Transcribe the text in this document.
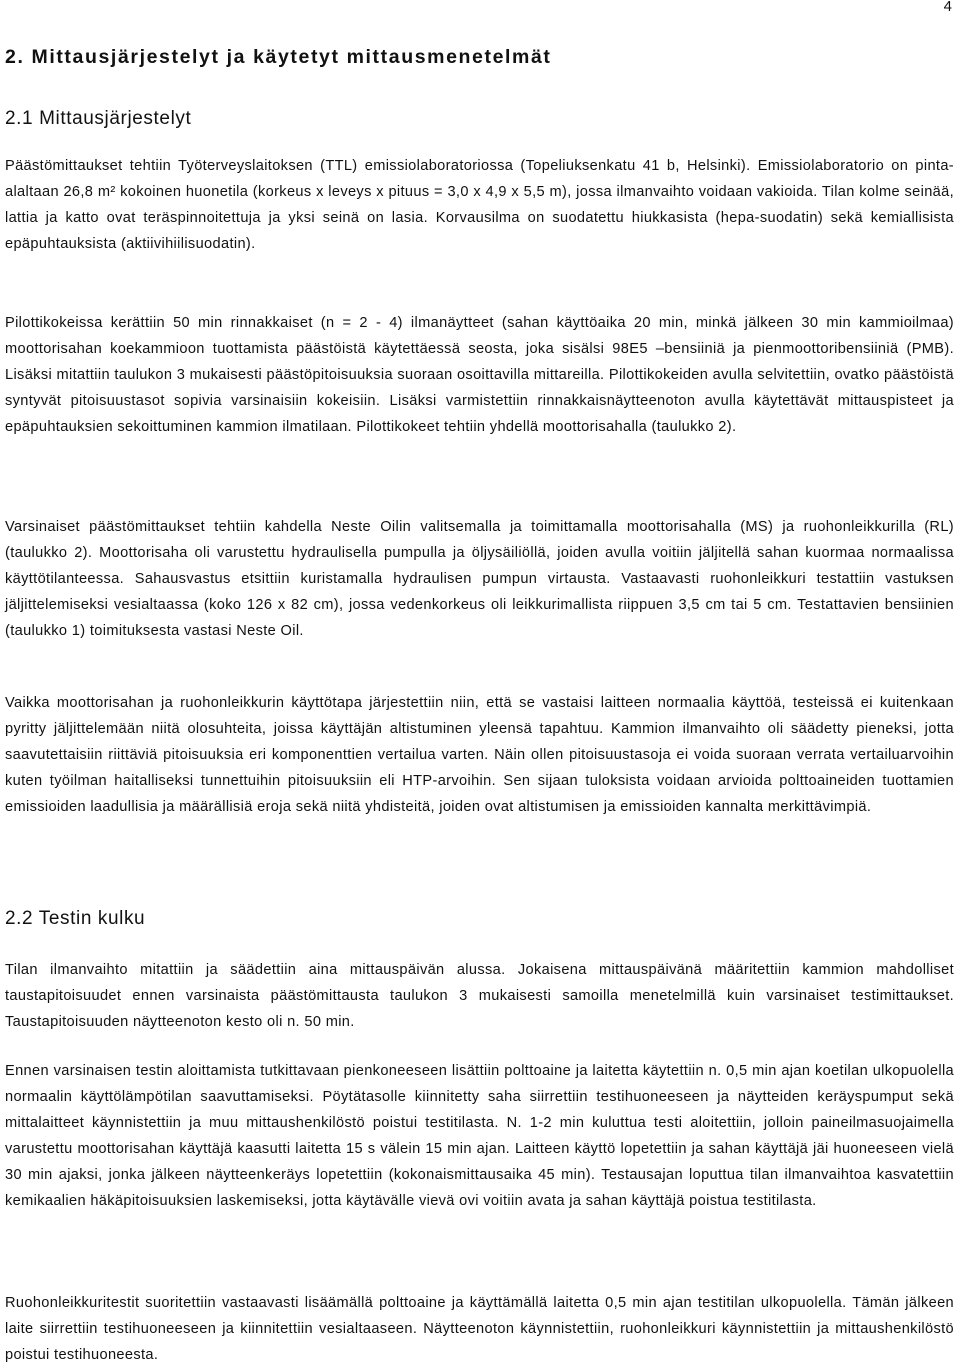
4
2. Mittausjärjestelyt ja käytetyt mittausmenetelmät
2.1 Mittausjärjestelyt

Päästömittaukset tehtiin Työterveyslaitoksen (TTL) emissiolaboratoriossa (Topeliuksenkatu 41 b, Helsinki). Emissiolaboratorio on pinta-alaltaan 26,8 m² kokoinen huonetila (korkeus x leveys x pituus = 3,0 x 4,9 x 5,5 m), jossa ilmanvaihto voidaan vakioida. Tilan kolme seinää, lattia ja katto ovat teräspinnoitettuja ja yksi seinä on lasia. Korvausilma on suodatettu hiukkasista (hepa-suodatin) sekä kemiallisista epäpuhtauksista (aktiivihiilisuodatin).

Pilottikokeissa kerättiin 50 min rinnakkaiset (n = 2 - 4) ilmanäytteet (sahan käyttöaika 20 min, minkä jälkeen 30 min kammioilmaa) moottorisahan koekammioon tuottamista päästöistä käytettäessä seosta, joka sisälsi 98E5 –bensiiniä ja pienmoottoribensiiniä (PMB). Lisäksi mitattiin taulukon 3 mukaisesti päästöpitoisuuksia suoraan osoittavilla mittareilla. Pilottikokeiden avulla selvitettiin, ovatko päästöistä syntyvät pitoisuustasot sopivia varsinaisiin kokeisiin. Lisäksi varmistettiin rinnakkaisnäytteenoton avulla käytettävät mittauspisteet ja epäpuhtauksien sekoittuminen kammion ilmatilaan. Pilottikokeet tehtiin yhdellä moottorisahalla (taulukko 2).

Varsinaiset päästömittaukset tehtiin kahdella Neste Oilin valitsemalla ja toimittamalla moottorisahalla (MS) ja ruohonleikkurilla (RL) (taulukko 2). Moottorisaha oli varustettu hydraulisella pumpulla ja öljysäiliöllä, joiden avulla voitiin jäljitellä sahan kuormaa normaalissa käyttötilanteessa. Sahausvastus etsittiin kuristamalla hydraulisen pumpun virtausta. Vastaavasti ruohonleikkuri testattiin vastuksen jäljittelemiseksi vesialtaassa (koko 126 x 82 cm), jossa vedenkorkeus oli leikkurimallista riippuen 3,5 cm tai 5 cm. Testattavien bensiinien (taulukko 1) toimituksesta vastasi Neste Oil.

Vaikka moottorisahan ja ruohonleikkurin käyttötapa järjestettiin niin, että se vastaisi laitteen normaalia käyttöä, testeissä ei kuitenkaan pyritty jäljittelemään niitä olosuhteita, joissa käyttäjän altistuminen yleensä tapahtuu. Kammion ilmanvaihto oli säädetty pieneksi, jotta saavutettaisiin riittäviä pitoisuuksia eri komponenttien vertailua varten. Näin ollen pitoisuustasoja ei voida suoraan verrata vertailuarvoihin kuten työilman haitalliseksi tunnettuihin pitoisuuksiin eli HTP-arvoihin. Sen sijaan tuloksista voidaan arvioida polttoaineiden tuottamien emissioiden laadullisia ja määrällisiä eroja sekä niitä yhdisteitä, joiden ovat altistumisen ja emissioiden kannalta merkittävimpiä.

2.2 Testin kulku

Tilan ilmanvaihto mitattiin ja säädettiin aina mittauspäivän alussa. Jokaisena mittauspäivänä määritettiin kammion mahdolliset taustapitoisuudet ennen varsinaista päästömittausta taulukon 3 mukaisesti samoilla menetelmillä kuin varsinaiset testimittaukset. Taustapitoisuuden näytteenoton kesto oli n. 50 min.

Ennen varsinaisen testin aloittamista tutkittavaan pienkoneeseen lisättiin polttoaine ja laitetta käytettiin n. 0,5 min ajan koetilan ulkopuolella normaalin käyttölämpötilan saavuttamiseksi. Pöytätasolle kiinnitetty saha siirrettiin testihuoneeseen ja näytteiden keräyspumput sekä mittalaitteet käynnistettiin ja muu mittaushenkilöstö poistui testitilasta. N. 1-2 min kuluttua testi aloitettiin, jolloin paineilmasuojaimella varustettu moottorisahan käyttäjä kaasutti laitetta 15 s välein 15 min ajan. Laitteen käyttö lopetettiin ja sahan käyttäjä jäi huoneeseen vielä 30 min ajaksi, jonka jälkeen näytteenkeräys lopetettiin (kokonaismittausaika 45 min). Testausajan loputtua tilan ilmanvaihtoa kasvatettiin kemikaalien häkäpitoisuuksien laskemiseksi, jotta käytävälle vievä ovi voitiin avata ja sahan käyttäjä poistua testitilasta.

Ruohonleikkuritestit suoritettiin vastaavasti lisäämällä polttoaine ja käyttämällä laitetta 0,5 min ajan testitilan ulkopuolella. Tämän jälkeen laite siirrettiin testihuoneeseen ja kiinnitettiin vesialtaaseen. Näytteenoton käynnistettiin, ruohonleikkuri käynnistettiin ja mittaushenkilöstö poistui testihuoneesta.
